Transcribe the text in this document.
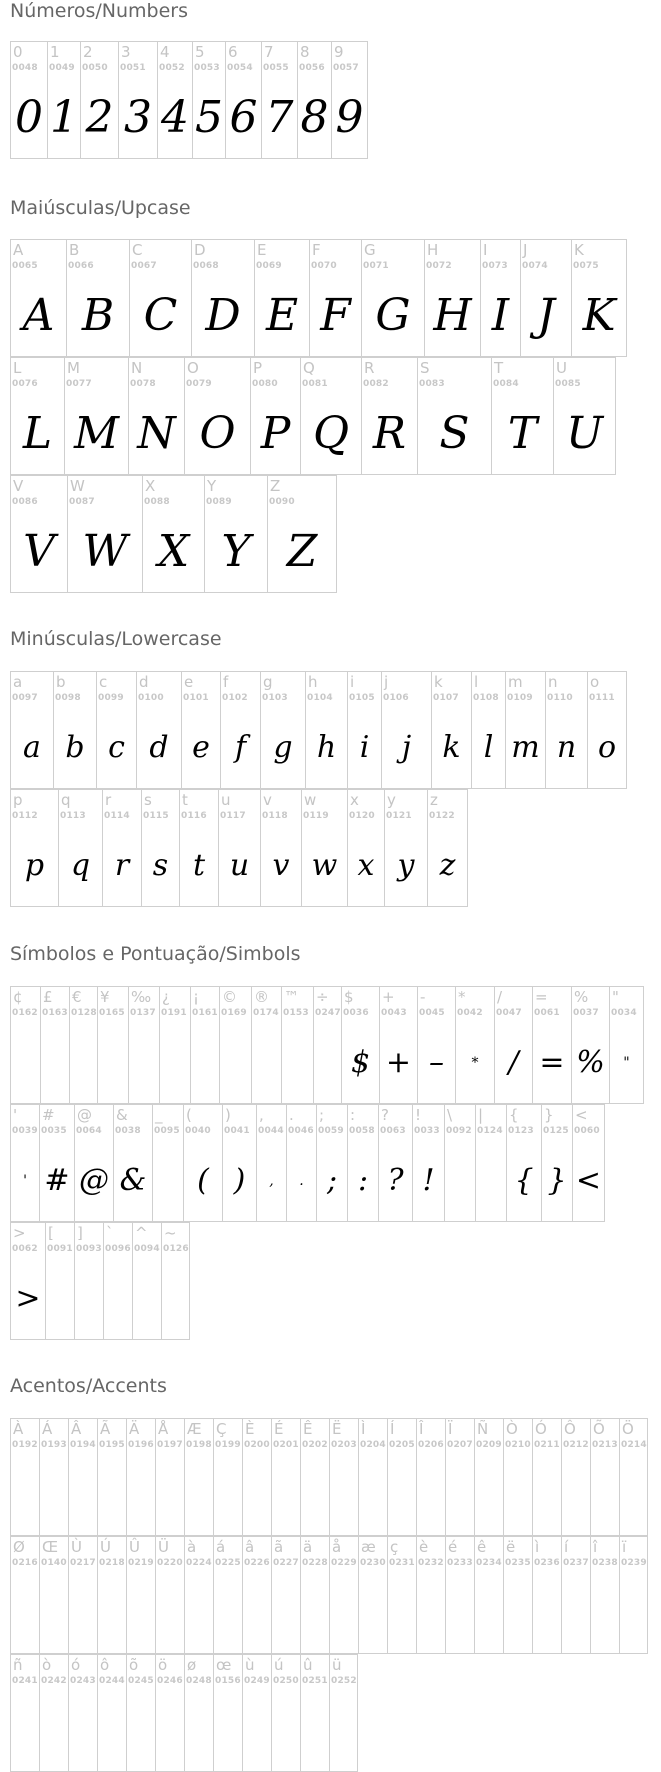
Números/Numbers
0
0048
0
1
0049
1
2
0050
2
3
0051
3
4
0052
4
5
0053
5
6
0054
6
7
0055
7
8
0056
8
9
0057
9
Maiúsculas/Upcase
A
0065
A
B
0066
B
C
0067
C
D
0068
D
E
0069
E
F
0070
F
G
0071
G
H
0072
H
I
0073
I
J
0074
J
K
0075
K
L
0076
L
M
0077
M
N
0078
N
O
0079
O
P
0080
P
Q
0081
Q
R
0082
R
S
0083
S
T
0084
T
U
0085
U
V
0086
V
W
0087
W
X
0088
X
Y
0089
Y
Z
0090
Z
Minúsculas/Lowercase
a
0097
a
b
0098
b
c
0099
c
d
0100
d
e
0101
e
f
0102
f
g
0103
g
h
0104
h
i
0105
i
j
0106
j
k
0107
k
l
0108
l
m
0109
m
n
0110
n
o
0111
o
p
0112
p
q
0113
q
r
0114
r
s
0115
s
t
0116
t
u
0117
u
v
0118
v
w
0119
w
x
0120
x
y
0121
y
z
0122
z
Símbolos e Pontuação/Simbols
¢
0162
£
0163
€
0128
¥
0165
‰
0137
¿
0191
¡
0161
©
0169
®
0174
™
0153
÷
0247
$
0036
$
+
0043
+
-
0045
–
*
0042
*
/
0047
/
=
0061
=
%
0037
%
"
0034
"
'
0039
'
#
0035
#
@
0064
@
&
0038
&
_
0095
(
0040
(
)
0041
)
,
0044
,
.
0046
.
;
0059
;
:
0058
:
?
0063
?
!
0033
!
\
0092
|
0124
{
0123
{
}
0125
}
<
0060
<
>
0062
>
[
0091
]
0093
`
0096
^
0094
~
0126
Acentos/Accents
À
0192
Á
0193
Â
0194
Ã
0195
Ä
0196
Å
0197
Æ
0198
Ç
0199
È
0200
É
0201
Ê
0202
Ë
0203
Ì
0204
Í
0205
Î
0206
Ï
0207
Ñ
0209
Ò
0210
Ó
0211
Ô
0212
Õ
0213
Ö
0214
Ø
0216
Œ
0140
Ù
0217
Ú
0218
Û
0219
Ü
0220
à
0224
á
0225
â
0226
ã
0227
ä
0228
å
0229
æ
0230
ç
0231
è
0232
é
0233
ê
0234
ë
0235
ì
0236
í
0237
î
0238
ï
0239
ñ
0241
ò
0242
ó
0243
ô
0244
õ
0245
ö
0246
ø
0248
œ
0156
ù
0249
ú
0250
û
0251
ü
0252
